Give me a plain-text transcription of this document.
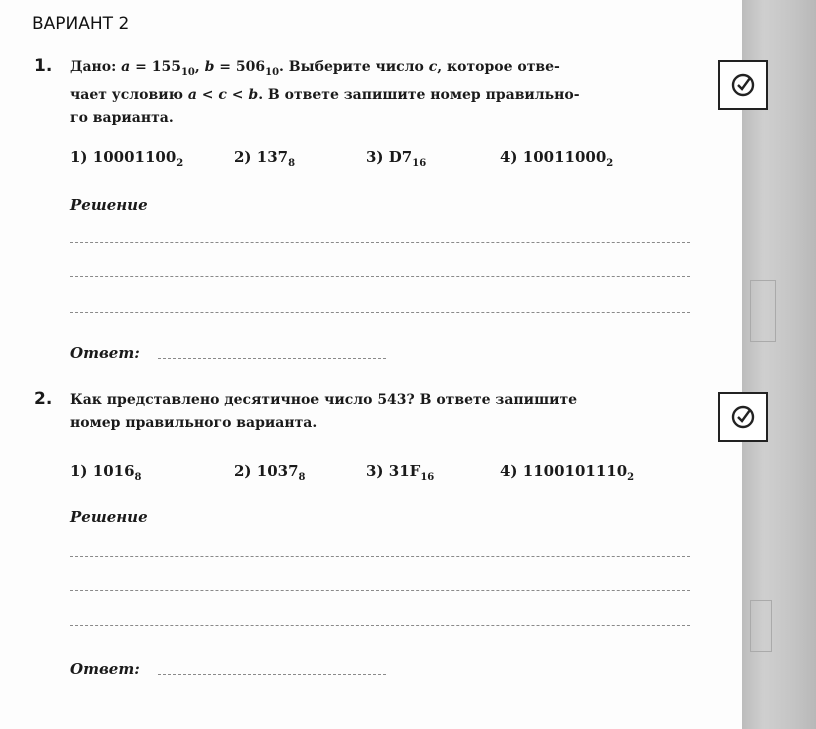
ВАРИАНТ 2
1. Дано: $a = 155_{10}$, $b = 506_{10}$. Выберите число c, которое отве-
чает условию a < c < b. В ответе запишите номер правильно-
го варианта.
1) $10001100_2$	2) $137_8$	3) $D7_{16}$	4) $10011000_2$
Решение
Ответ:
2. Как представлено десятичное число 543? В ответе запишите
номер правильного варианта.
1) $1016_8$	2) $1037_8$	3) $31F_{16}$	4) $1100101110_2$
Решение
Ответ:
